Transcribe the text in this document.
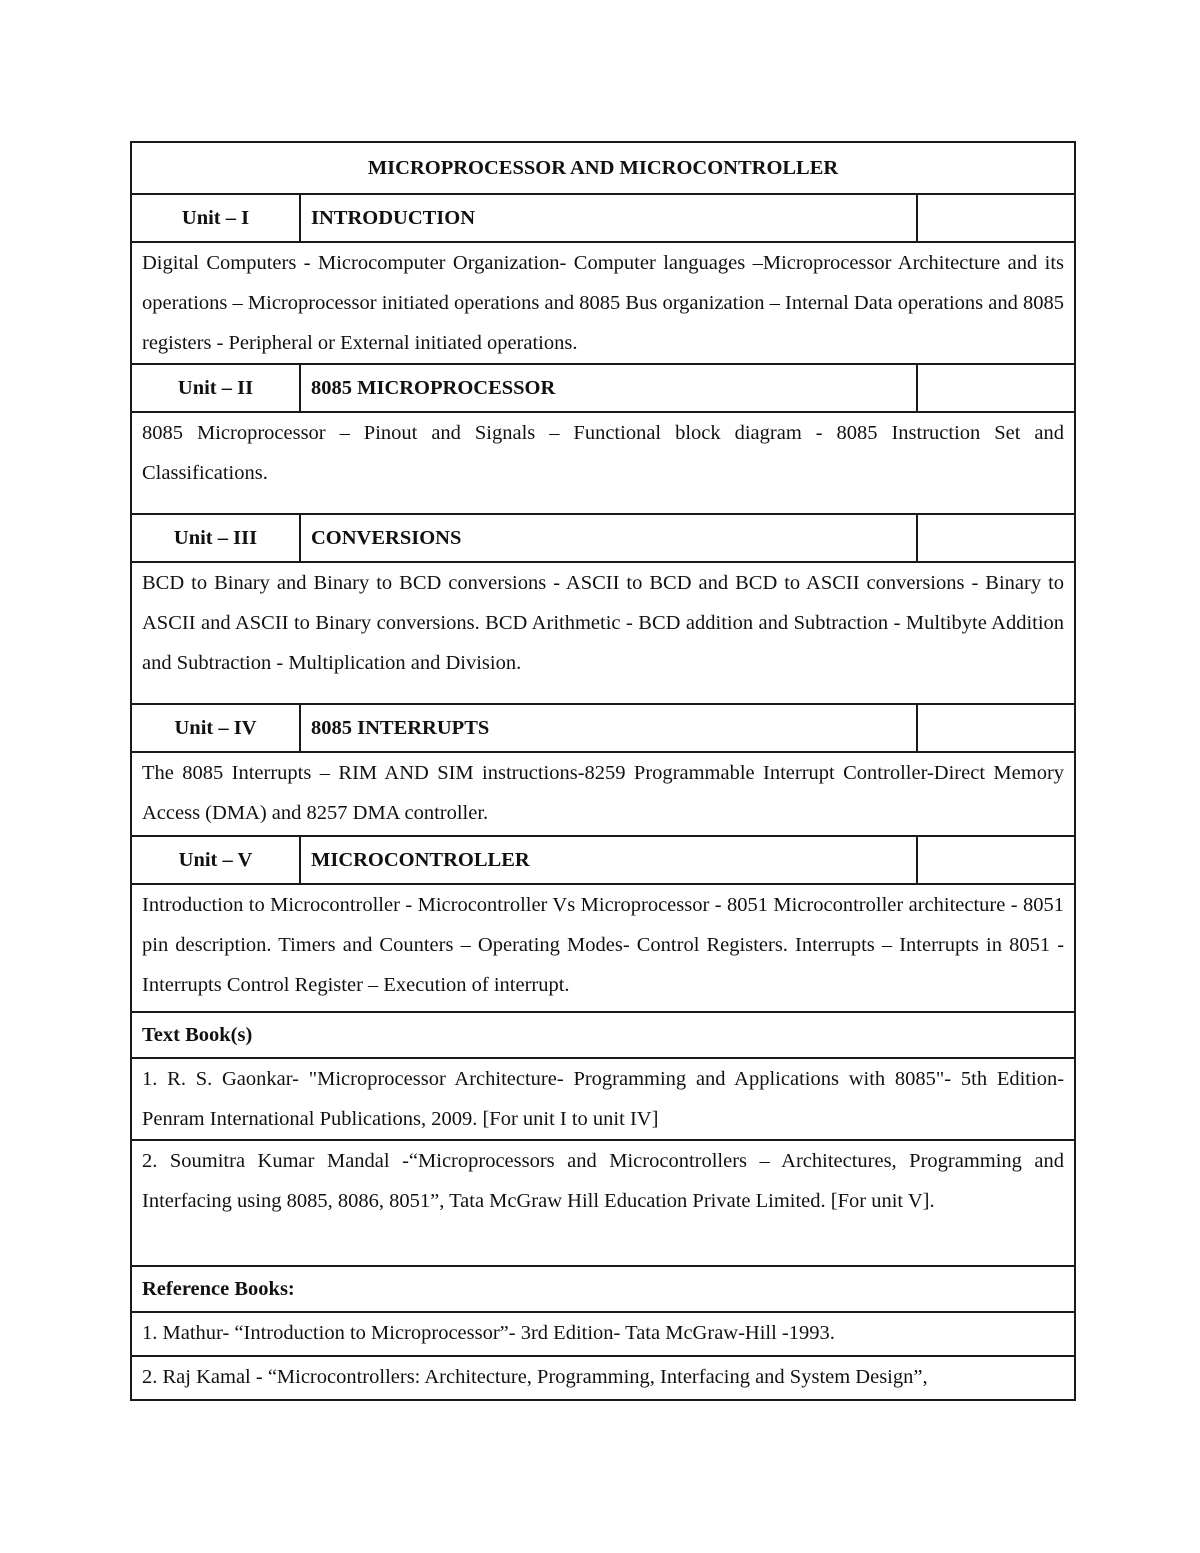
MICROPROCESSOR AND MICROCONTROLLER		
Unit – I	INTRODUCTION	
Digital Computers - Microcomputer Organization- Computer languages –Microprocessor Architecture and its operations – Microprocessor initiated operations and 8085 Bus organization – Internal Data operations and 8085 registers - Peripheral or External initiated operations.		
Unit – II	8085 MICROPROCESSOR	
8085 Microprocessor – Pinout and Signals – Functional block diagram - 8085 Instruction Set and Classifications.		
Unit – III	CONVERSIONS	
BCD to Binary and Binary to BCD conversions - ASCII to BCD and BCD to ASCII conversions - Binary to ASCII and ASCII to Binary conversions. BCD Arithmetic - BCD addition and Subtraction - Multibyte Addition and Subtraction - Multiplication and Division.		
Unit – IV	8085 INTERRUPTS	
The 8085 Interrupts – RIM AND SIM instructions-8259 Programmable Interrupt Controller-Direct Memory Access (DMA) and 8257 DMA controller.		
Unit – V	MICROCONTROLLER	
Introduction to Microcontroller - Microcontroller Vs Microprocessor - 8051 Microcontroller architecture - 8051 pin description. Timers and Counters – Operating Modes- Control Registers. Interrupts – Interrupts in 8051 - Interrupts Control Register – Execution of interrupt.		
Text Book(s)		
1. R. S. Gaonkar- "Microprocessor Architecture- Programming and Applications with 8085"- 5th Edition- Penram International Publications, 2009. [For unit I to unit IV]		
2. Soumitra Kumar Mandal -“Microprocessors and Microcontrollers – Architectures, Programming and Interfacing using 8085, 8086, 8051”, Tata McGraw Hill Education Private Limited. [For unit V].		
Reference Books:		
1. Mathur- “Introduction to Microprocessor”- 3rd Edition- Tata McGraw-Hill -1993.		
2. Raj Kamal - “Microcontrollers: Architecture, Programming, Interfacing and System Design”,		
